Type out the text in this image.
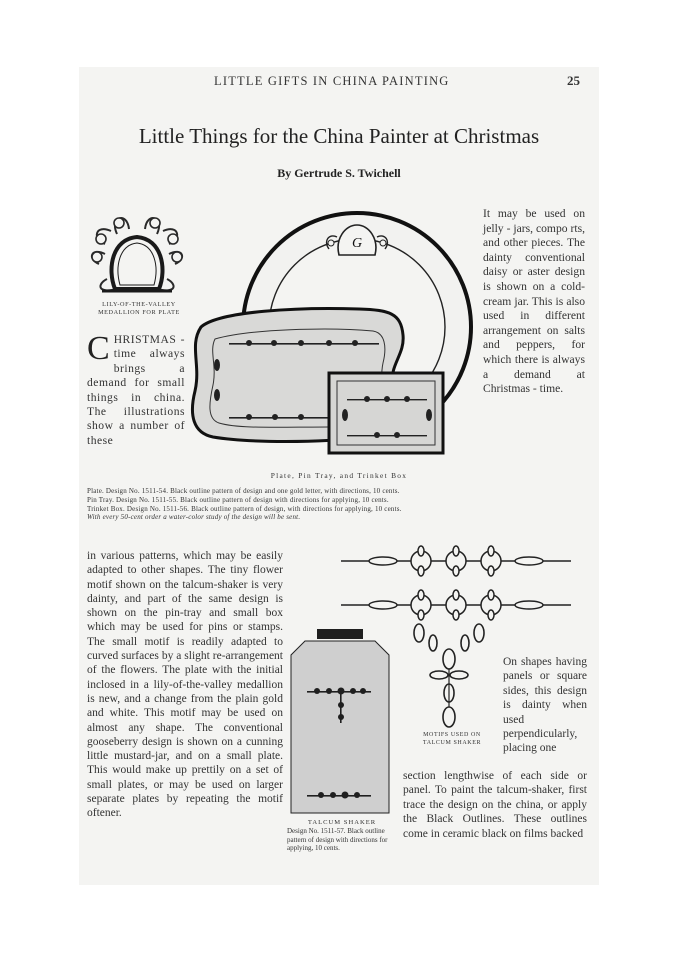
LITTLE GIFTS IN CHINA PAINTING	25
Little Things for the China Painter at Christmas
By Gertrude S. Twichell
LILY-OF-THE-VALLEY MEDALLION FOR PLATE
CHRISTMAS - time always brings a demand for small things in china. The illustrations show a number of these
G
It may be used on jelly - jars, compo rts, and other pieces. The dainty conventional daisy or aster design is shown on a cold-cream jar. This is also used in different arrangement on salts and peppers, for which there is always a demand at Christmas - time.
Plate, Pin Tray, and Trinket Box

Plate. Design No. 1511-54. Black outline pattern of design and one gold letter, with directions, 10 cents.

Pin Tray. Design No. 1511-55. Black outline pattern of design with directions for applying, 10 cents.

Trinket Box. Design No. 1511-56. Black outline pattern of design, with directions for applying, 10 cents.

With every 50-cent order a water-color study of the design will be sent.

in various patterns, which may be easily adapted to other shapes. The tiny flower motif shown on the talcum-shaker is very dainty, and part of the same design is shown on the pin-tray and small box which may be used for pins or stamps. The small motif is readily adapted to curved surfaces by a slight re-arrangement of the flowers. The plate with the initial inclosed in a lily-of-the-valley medallion is new, and a change from the plain gold and white. This motif may be used on almost any shape. The conventional gooseberry design is shown on a cunning little mustard-jar, and on a small plate. This would make up prettily on a set of small plates, or may be used on larger separate plates by repeating the motif oftener.
TALCUM SHAKER
Design No. 1511-57. Black outline pattern of design with directions for applying, 10 cents.
MOTIFS USED ON TALCUM SHAKER
On shapes having panels or square sides, this design is dainty when used perpendicularly, placing one
section lengthwise of each side or panel. To paint the talcum-shaker, first trace the design on the china, or apply the Black Outlines. These outlines come in ceramic black on films backed
